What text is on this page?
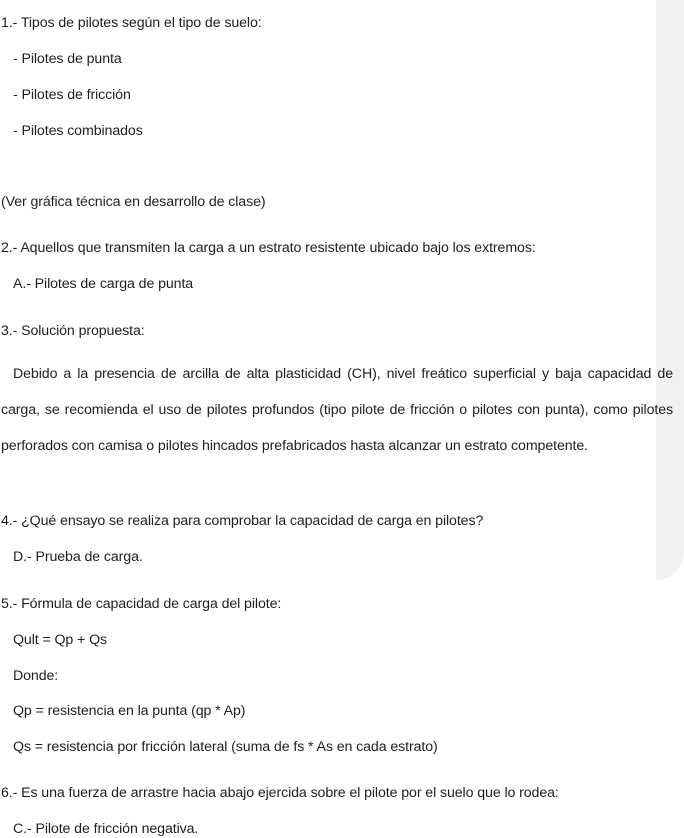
1.- Tipos de pilotes según el tipo de suelo:
- Pilotes de punta
- Pilotes de fricción
- Pilotes combinados
(Ver gráfica técnica en desarrollo de clase)
2.- Aquellos que transmiten la carga a un estrato resistente ubicado bajo los extremos:
A.- Pilotes de carga de punta
3.- Solución propuesta:
Debido a la presencia de arcilla de alta plasticidad (CH), nivel freático superficial y baja capacidad de carga, se recomienda el uso de pilotes profundos (tipo pilote de fricción o pilotes con punta), como pilotes perforados con camisa o pilotes hincados prefabricados hasta alcanzar un estrato competente.
4.- ¿Qué ensayo se realiza para comprobar la capacidad de carga en pilotes?
D.- Prueba de carga.
5.- Fórmula de capacidad de carga del pilote:
Qult = Qp + Qs
Donde:
Qp = resistencia en la punta (qp * Ap)
Qs = resistencia por fricción lateral (suma de fs * As en cada estrato)
6.- Es una fuerza de arrastre hacia abajo ejercida sobre el pilote por el suelo que lo rodea:
C.- Pilote de fricción negativa.
